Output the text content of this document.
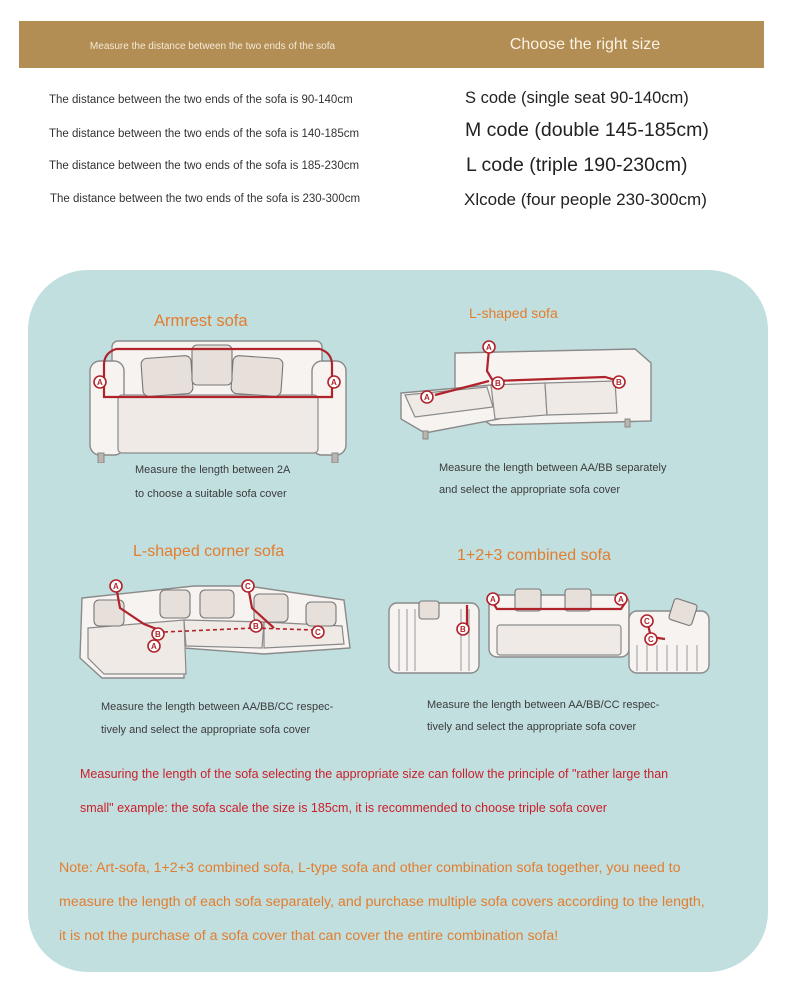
Measure the distance between the two ends of the sofa	Choose the right size
The distance between the two ends of the sofa is 90-140cm	S code (single seat 90-140cm)
The distance between the two ends of the sofa is 140-185cm	M code (double 145-185cm)
The distance between the two ends of the sofa is 185-230cm	L code (triple 190-230cm)
The distance between the two ends of the sofa is 230-300cm	Xlcode (four people 230-300cm)
Armrest sofa	L-shaped sofa
L-shaped corner sofa	1+2+3 combined sofa
A	A
Measure the length between 2A
to choose a suitable sofa cover
A
A
B	B
Measure the length between AA/BB separately
and select the appropriate sofa cover
A
A
B
B
C
C
Measure the length between AA/BB/CC respec-
tively and select the appropriate sofa cover
B
A	A
C
C
Measure the length between AA/BB/CC respec-
tively and select the appropriate sofa cover
Measuring the length of the sofa selecting the appropriate size can follow the principle of "rather large than
small" example: the sofa scale the size is 185cm, it is recommended to choose triple sofa cover
Note: Art-sofa, 1+2+3 combined sofa, L-type sofa and other combination sofa together, you need to
measure the length of each sofa separately, and purchase multiple sofa covers according to the length,
it is not the purchase of a sofa cover that can cover the entire combination sofa!
